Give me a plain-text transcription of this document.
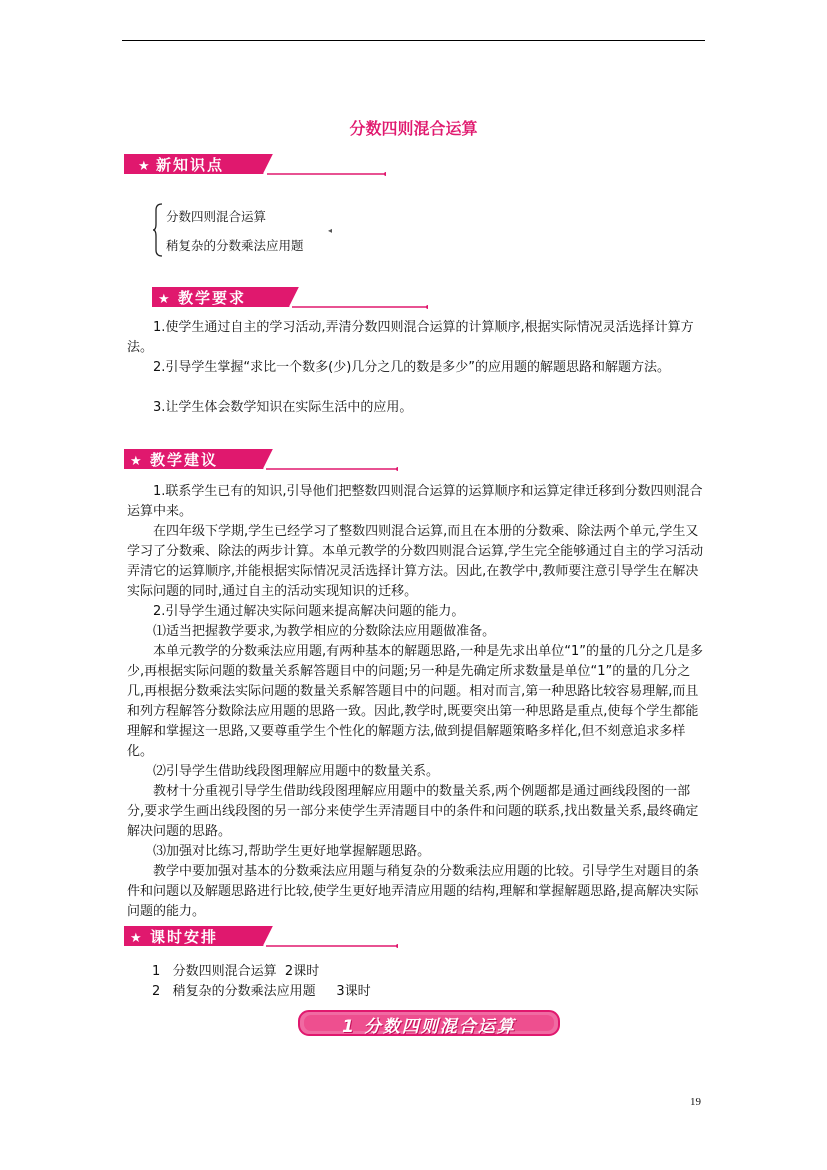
分数四则混合运算
★ 新知识点
分数四则混合运算
稍复杂的分数乘法应用题
◂
★ 教学要求
1.使学生通过自主的学习活动,弄清分数四则混合运算的计算顺序,根据实际情况灵活选择计算方法。
2.引导学生掌握“求比一个数多(少)几分之几的数是多少”的应用题的解题思路和解题方法。
3.让学生体会数学知识在实际生活中的应用。
★ 教学建议
1.联系学生已有的知识,引导他们把整数四则混合运算的运算顺序和运算定律迁移到分数四则混合运算中来。
在四年级下学期,学生已经学习了整数四则混合运算,而且在本册的分数乘、除法两个单元,学生又学习了分数乘、除法的两步计算。本单元教学的分数四则混合运算,学生完全能够通过自主的学习活动弄清它的运算顺序,并能根据实际情况灵活选择计算方法。因此,在教学中,教师要注意引导学生在解决实际问题的同时,通过自主的活动实现知识的迁移。
2.引导学生通过解决实际问题来提高解决问题的能力。
⑴适当把握教学要求,为教学相应的分数除法应用题做准备。
本单元教学的分数乘法应用题,有两种基本的解题思路,一种是先求出单位“1”的量的几分之几是多少,再根据实际问题的数量关系解答题目中的问题;另一种是先确定所求数量是单位“1”的量的几分之几,再根据分数乘法实际问题的数量关系解答题目中的问题。相对而言,第一种思路比较容易理解,而且和列方程解答分数除法应用题的思路一致。因此,教学时,既要突出第一种思路是重点,使每个学生都能理解和掌握这一思路,又要尊重学生个性化的解题方法,做到提倡解题策略多样化,但不刻意追求多样化。
⑵引导学生借助线段图理解应用题中的数量关系。
教材十分重视引导学生借助线段图理解应用题中的数量关系,两个例题都是通过画线段图的一部分,要求学生画出线段图的另一部分来使学生弄清题目中的条件和问题的联系,找出数量关系,最终确定解决问题的思路。
⑶加强对比练习,帮助学生更好地掌握解题思路。
教学中要加强对基本的分数乘法应用题与稍复杂的分数乘法应用题的比较。引导学生对题目的条件和问题以及解题思路进行比较,使学生更好地弄清应用题的结构,理解和掌握解题思路,提高解决实际问题的能力。
★ 课时安排
1   分数四则混合运算  2课时
2   稍复杂的分数乘法应用题     3课时
1 分数四则混合运算
19
